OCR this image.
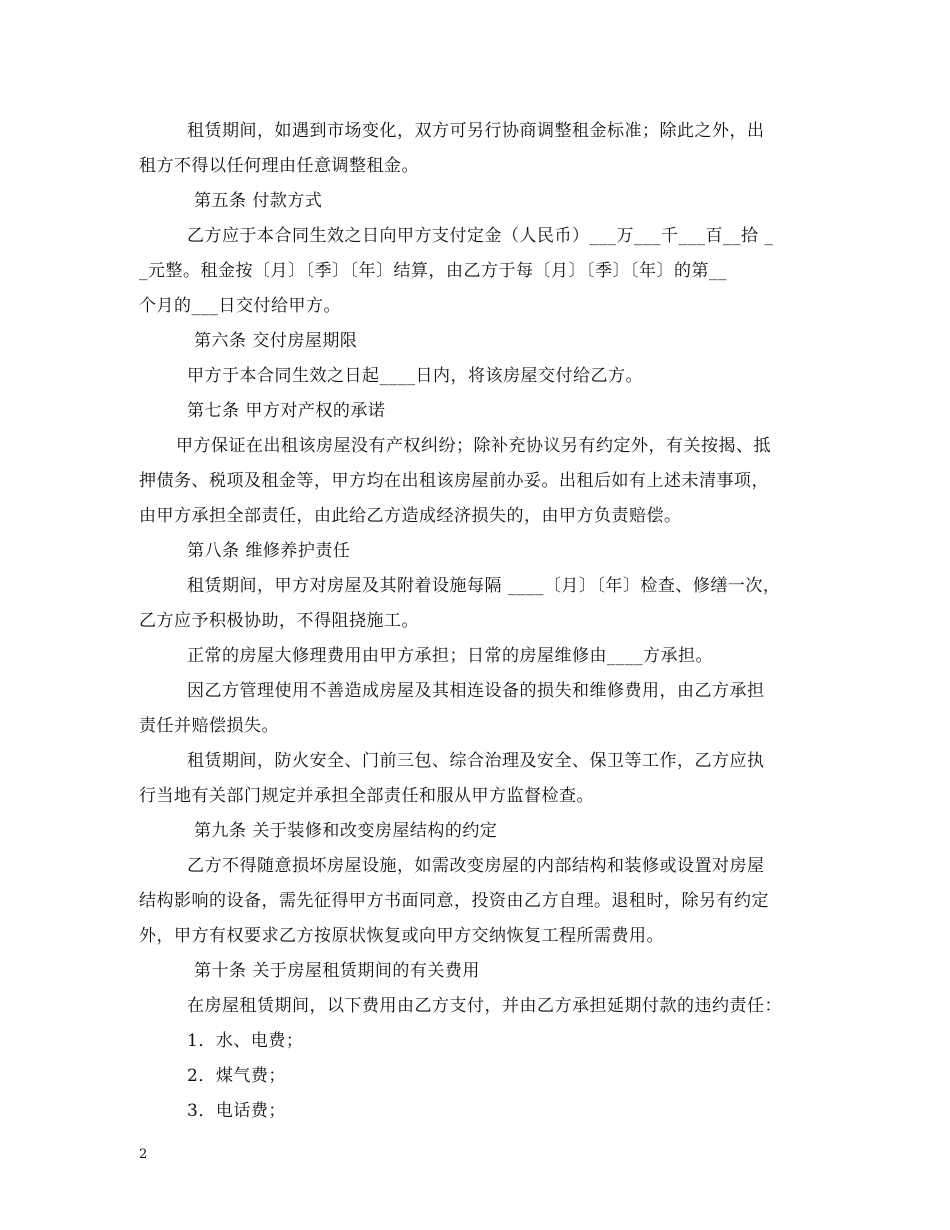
租赁期间，如遇到市场变化，双方可另行协商调整租金标准；除此之外，出
租方不得以任何理由任意调整租金。
第五条 付款方式
乙方应于本合同生效之日向甲方支付定金（人民币）___万___千___百__拾 _
_元整。租金按〔月〕〔季〕〔年〕结算，由乙方于每〔月〕〔季〕〔年〕的第__
个月的___日交付给甲方。
第六条 交付房屋期限
甲方于本合同生效之日起____日内，将该房屋交付给乙方。
第七条 甲方对产权的承诺
甲方保证在出租该房屋没有产权纠纷；除补充协议另有约定外，有关按揭、抵
押债务、税项及租金等，甲方均在出租该房屋前办妥。出租后如有上述未清事项，
由甲方承担全部责任，由此给乙方造成经济损失的，由甲方负责赔偿。
第八条 维修养护责任
租赁期间，甲方对房屋及其附着设施每隔 ____〔月〕〔年〕检查、修缮一次，
乙方应予积极协助，不得阻挠施工。
正常的房屋大修理费用由甲方承担；日常的房屋维修由____方承担。
因乙方管理使用不善造成房屋及其相连设备的损失和维修费用，由乙方承担
责任并赔偿损失。
租赁期间，防火安全、门前三包、综合治理及安全、保卫等工作，乙方应执
行当地有关部门规定并承担全部责任和服从甲方监督检查。
第九条 关于装修和改变房屋结构的约定
乙方不得随意损坏房屋设施，如需改变房屋的内部结构和装修或设置对房屋
结构影响的设备，需先征得甲方书面同意，投资由乙方自理。退租时，除另有约定
外，甲方有权要求乙方按原状恢复或向甲方交纳恢复工程所需费用。
第十条 关于房屋租赁期间的有关费用
在房屋租赁期间，以下费用由乙方支付，并由乙方承担延期付款的违约责任：
1．水、电费；
2．煤气费；
3．电话费；
2
